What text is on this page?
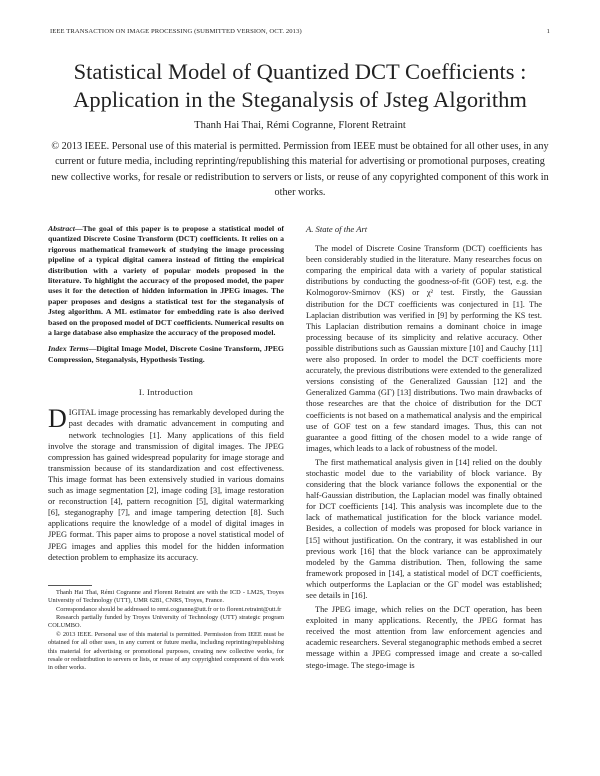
IEEE TRANSACTION ON IMAGE PROCESSING (SUBMITTED VERSION, OCT. 2013)	1
Statistical Model of Quantized DCT Coefficients :
Application in the Steganalysis of Jsteg Algorithm
Thanh Hai Thai, Rémi Cogranne, Florent Retraint
© 2013 IEEE. Personal use of this material is permitted. Permission from IEEE must be obtained for all other uses, in any current or future media, including reprinting/republishing this material for advertising or promotional purposes, creating new collective works, for resale or redistribution to servers or lists, or reuse of any copyrighted component of this work in other works.
Abstract—The goal of this paper is to propose a statistical model of quantized Discrete Cosine Transform (DCT) coefficients. It relies on a rigorous mathematical framework of studying the image processing pipeline of a typical digital camera instead of fitting the empirical distribution with a variety of popular models proposed in the literature. To highlight the accuracy of the proposed model, the paper uses it for the detection of hidden information in JPEG images. The paper proposes and designs a statistical test for the steganalysis of Jsteg algorithm. A ML estimator for embedding rate is also derived based on the proposed model of DCT coefficients. Numerical results on a large database also emphasize the accuracy of the proposed model.
Index Terms—Digital Image Model, Discrete Cosine Transform, JPEG Compression, Steganalysis, Hypothesis Testing.
I. Introduction

DIGITAL image processing has remarkably developed during the past decades with dramatic advancement in computing and network technologies [1]. Many applications of this field involve the storage and transmission of digital images. The JPEG compression has gained widespread popularity for image storage and transmission because of its standardization and cost effectiveness. This image format has been extensively studied in various domains such as image segmentation [2], image coding [3], image restoration or reconstruction [4], pattern recognition [5], digital watermarking [6], steganography [7], and image tampering detection [8]. Such applications require the knowledge of a model of digital images in JPEG format. This paper aims to propose a novel statistical model of JPEG images and applies this model for the hidden information detection problem to emphasize its accuracy.

Thanh Hai Thai, Rémi Cogranne and Florent Retraint are with the ICD - LM2S, Troyes University of Technology (UTT), UMR 6281, CNRS, Troyes, France.

Correspondance should be addressed to remi.cogranne@utt.fr or to florent.retraint@utt.fr

Research partially funded by Troyes University of Technology (UTT) strategic program COLUMBO.

© 2013 IEEE. Personal use of this material is permitted. Permission from IEEE must be obtained for all other uses, in any current or future media, including reprinting/republishing this material for advertising or promotional purposes, creating new collective works, for resale or redistribution to servers or lists, or reuse of any copyrighted component of this work in other works.

A. State of the Art

The model of Discrete Cosine Transform (DCT) coefficients has been considerably studied in the literature. Many researches focus on comparing the empirical data with a variety of popular statistical distributions by conducting the goodness-of-fit (GOF) test, e.g. the Kolmogorov-Smirnov (KS) or χ² test. Firstly, the Gaussian distribution for the DCT coefficients was conjectured in [1]. The Laplacian distribution was verified in [9] by performing the KS test. This Laplacian distribution remains a dominant choice in image processing because of its simplicity and relative accuracy. Other possible distributions such as Gaussian mixture [10] and Cauchy [11] were also proposed. In order to model the DCT coefficients more accurately, the previous distributions were extended to the generalized versions consisting of the Generalized Gaussian [12] and the Generalized Gamma (GΓ) [13] distributions. Two main drawbacks of those researches are that the choice of distribution for the DCT coefficients is not based on a mathematical analysis and the empirical use of GOF test on a few standard images. Thus, this can not guarantee a good fitting of the chosen model to a wide range of images, which leads to a lack of robustness of the model.

The first mathematical analysis given in [14] relied on the doubly stochastic model due to the variability of block variance. By considering that the block variance follows the exponential or the half-Gaussian distribution, the Laplacian model was finally obtained for DCT coefficients [14]. This analysis was incomplete due to the lack of mathematical justification for the block variance model. Besides, a collection of models was proposed for block variance in [15] without justification. On the contrary, it was established in our previous work [16] that the block variance can be approximately modeled by the Gamma distribution. Then, following the same framework proposed in [14], a statistical model of DCT coefficients, which outperforms the Laplacian or the GΓ model was established; see details in [16].

The JPEG image, which relies on the DCT operation, has been exploited in many applications. Recently, the JPEG format has received the most attention from law enforcement agencies and academic researchers. Several steganographic methods embed a secret message within a JPEG compressed image and create a so-called stego-image. The stego-image is
